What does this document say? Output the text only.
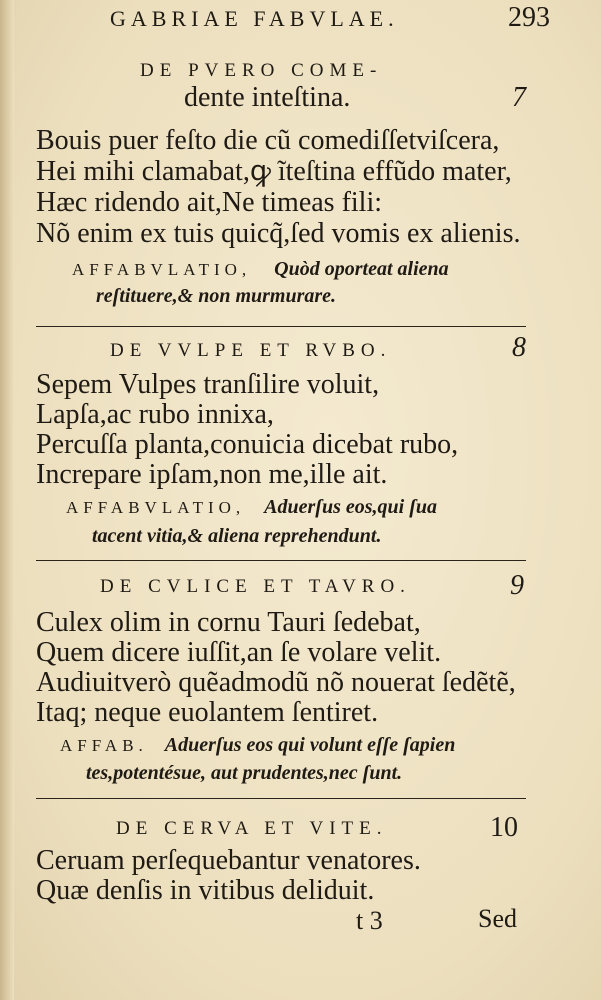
GABRIAE FABVLAE.	293
DE PVERO COME-
dente inteſtina.	7
Bouis puer feſto die cũ comediſſetviſcera,
Hei mihi clamabat,ꝙ ĩteſtina effũdo mater,
Hæc ridendo ait,Ne timeas fili:
Nõ enim ex tuis quicq̃,ſed vomis ex alienis.
AFFABVLATIO, Quòd oporteat aliena
reſtituere,& non murmurare.
DE VVLPE ET RVBO.	8
Sepem Vulpes tranſilire voluit,
Lapſa,ac rubo innixa,
Percuſſa planta,conuicia dicebat rubo,
Increpare ipſam,non me,ille ait.
AFFABVLATIO, Aduerſus eos,qui ſua
tacent vitia,& aliena reprehendunt.
DE CVLICE ET TAVRO.	9
Culex olim in cornu Tauri ſedebat,
Quem dicere iuſſit,an ſe volare velit.
Audiuitverò quẽadmodũ nõ nouerat ſedẽtẽ,
Itaq; neque euolantem ſentiret.
AFFAB. Aduerſus eos qui volunt eſſe ſapien
tes,potentésue, aut prudentes,nec ſunt.
DE CERVA ET VITE.	10
Ceruam perſequebantur venatores.
Quæ denſis in vitibus deliduit.
t 3	Sed
